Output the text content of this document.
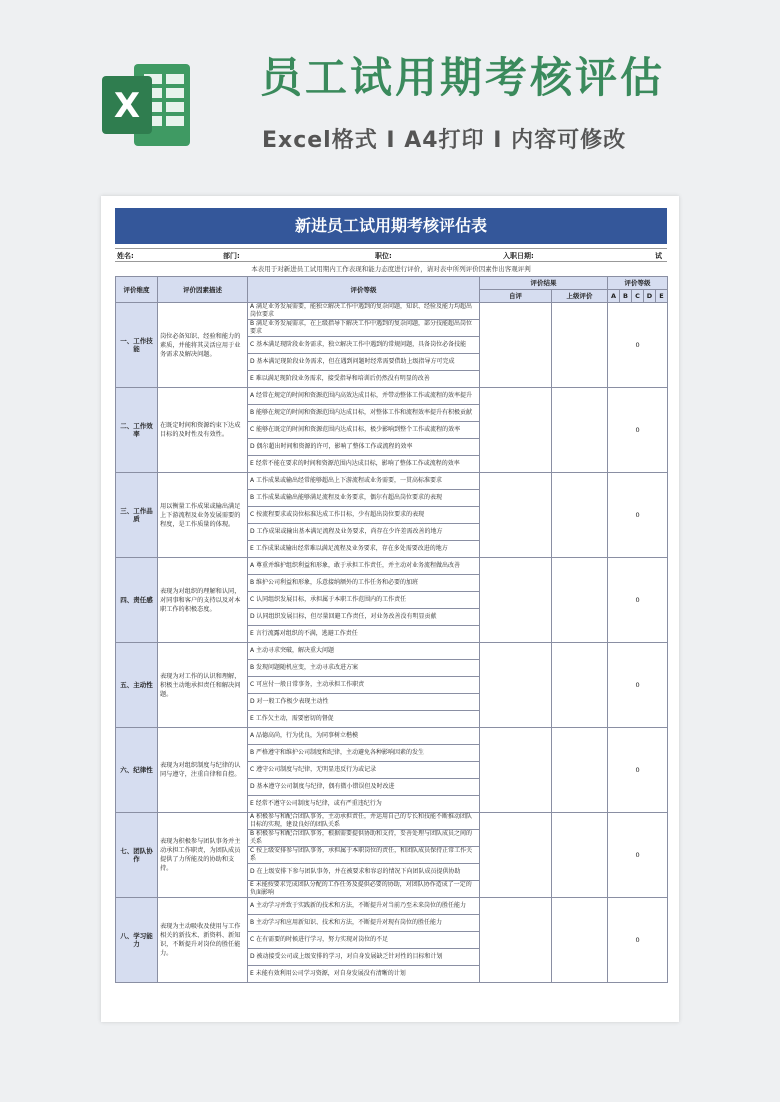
X
员工试用期考核评估
Excel格式 I A4打印 I 内容可修改
新进员工试用期考核评估表
姓名:	部门:	职位:	入职日期:	试
本表用于对新进员工试用期内工作表现和能力态度进行评价，请对表中所列评价因素作出客观评判
评价维度	评价因素描述	评价等级	评价结果		评价等级				
			自评	上级评价	A	B	C	D	E
一、工作技能	岗位必备知识、经验和能力的素质，并能将其灵活应用于业务需求及解决问题。	A 满足业务发展需要，能独立解决工作中遇到的复杂问题，知识、经验及能力均超出岗位要求			0				
		B 满足业务发展需求，在上级指导下解决工作中遇到的复杂问题，部分技能超出岗位要求							
		C 基本满足现阶段业务需求，独立解决工作中遇到的常规问题，具备岗位必备技能							
		D 基本满足现阶段业务需求，但在遇到问题时经常需要借助上级指导方可完成							
		E 难以满足现阶段业务需求，接受指导和培训后仍然没有明显的改善							
二、工作效率	在既定时间和资源约束下达成目标的及时性及有效性。	A 经常在规定的时间和资源范围内高效达成目标，并带动整体工作或流程的效率提升			0				
		B 能够在规定的时间和资源范围内达成目标，对整体工作和流程效率提升有积极贡献							
		C 能够在既定的时间和资源范围内达成目标，极少影响到整个工作或流程的效率							
		D 偶尔超出时间和资源的许可，影响了整体工作或流程的效率							
		E 经常不能在要求的时间和资源范围内达成目标，影响了整体工作或流程的效率							
三、工作品质	用以衡量工作成果或输出满足上下游流程及业务发展需要的程度，是工作质量的体现。	A 工作成果或输出经常能够超出上下游流程或业务需要，一贯高标准要求			0				
		B 工作成果或输出能够满足流程及业务要求，偶尔有超出岗位要求的表现							
		C 按流程要求或岗位标准达成工作目标，少有超出岗位要求的表现							
		D 工作成果或输出基本满足流程及业务要求，尚存在少许差需改善的地方							
		E 工作成果或输出经常难以满足流程及业务要求，存在多处需要改进的地方							
四、责任感	表现为对组织的理解和认同，对同事和客户的支持以及对本职工作的积极态度。	A 尊重并维护组织利益和形象，敢于承担工作责任，并主动对业务流程做出改善			0				
		B 维护公司利益和形象，乐意接纳额外的工作任务和必要的加班							
		C 认同组织发展目标，承担属于本职工作范围内的工作责任							
		D 认同组织发展目标，但尽量回避工作责任，对业务改善没有明显贡献							
		E 言行流露对组织的不满，逃避工作责任							
五、主动性	表现为对工作的认识和理解，积极主动地承担责任和解决问题。	A 主动寻求突破，解决重大问题			0				
		B 发现问题随机应变，主动寻求改进方案							
		C 可应付一般日常事务，主动承担工作职责							
		D 对一般工作极少表现主动性							
		E 工作欠主动，需要密切的督促							
六、纪律性	表现为对组织制度与纪律的认同与遵守，注重自律和自控。	A 品德高尚，行为优良，为同事树立楷模			0				
		B 严格遵守和维护公司制度和纪律，主动避免各种影响因素的发生							
		C 遵守公司制度与纪律，无明显违反行为或记录							
		D 基本遵守公司制度与纪律，偶有微小错误但及时改进							
		E 经常不遵守公司制度与纪律，或有严重违纪行为							
七、团队协作	表现为积极参与团队事务并主动承担工作职责，为团队成员提供了力所能及的协助和支持。	A 积极参与和配合团队事务，主动承担责任，并运用自己的专长和技能不断推动团队目标的实现，建设良好的团队关系			0				
		B 积极参与和配合团队事务，根据需要提供协助和支持，妥善处理与团队成员之间的关系							
		C 按上级安排参与团队事务，承担属于本职岗位的责任，和团队成员保持正常工作关系							
		D 在上级安排下参与团队事务，并在被要求和容忍的情况下向团队成员提供协助							
		E 未能按要求完成团队分配的工作任务及提供必要的协助，对团队协作造成了一定的负面影响							
八、学习能力	表现为主动吸收及使用与工作相关的新技术、新资料、新知识，不断提升对岗位的胜任能力。	A 主动学习并致于实践新的技术和方法，不断提升对当前乃至未来岗位的胜任能力			0				
		B 主动学习和应用新知识、技术和方法，不断提升对现有岗位的胜任能力							
		C 在有需要的时候进行学习，努力实现对岗位的不足							
		D 被动接受公司或上级安排的学习，对自身发展缺乏针对性的目标和计划							
		E 未能有效利用公司学习资源，对自身发展没有清晰的计划							
